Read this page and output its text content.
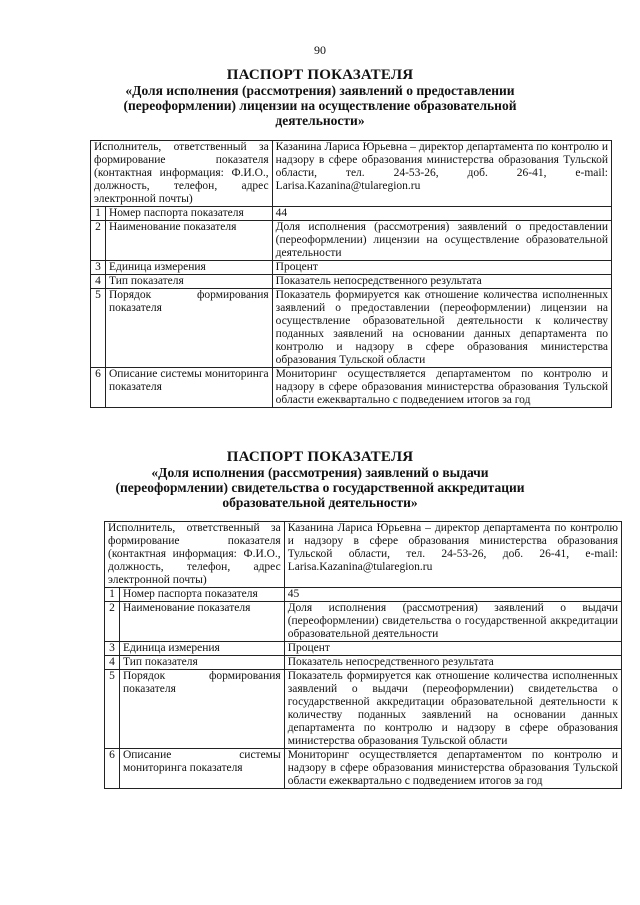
90
ПАСПОРТ ПОКАЗАТЕЛЯ
«Доля исполнения (рассмотрения) заявлений о предоставлении
(переоформлении) лицензии на осуществление образовательной
деятельности»
Исполнитель, ответственный за формирование показателя (контактная информация: Ф.И.О., должность, телефон, адрес электронной почты)		Казанина Лариса Юрьевна – директор департамента по контролю и надзору в сфере образования министерства образования Тульской области, тел. 24-53-26, доб. 26-41, e-mail: Larisa.Kazanina@tularegion.ru
1	Номер паспорта показателя	44
2	Наименование показателя	Доля исполнения (рассмотрения) заявлений о предоставлении (переоформлении) лицензии на осуществление образовательной деятельности
3	Единица измерения	Процент
4	Тип показателя	Показатель непосредственного результата
5	Порядок формирования показателя	Показатель формируется как отношение количества исполненных заявлений о предоставлении (переоформлении) лицензии на осуществление образовательной деятельности к количеству поданных заявлений на основании данных департамента по контролю и надзору в сфере образования министерства образования Тульской области
6	Описание системы мониторинга показателя	Мониторинг осуществляется департаментом по контролю и надзору в сфере образования министерства образования Тульской области ежеквартально с подведением итогов за год
ПАСПОРТ ПОКАЗАТЕЛЯ
«Доля исполнения (рассмотрения) заявлений о выдачи
(переоформлении) свидетельства о государственной аккредитации
образовательной деятельности»
Исполнитель, ответственный за формирование показателя (контактная информация: Ф.И.О., должность, телефон, адрес электронной почты)		Казанина Лариса Юрьевна – директор департамента по контролю и надзору в сфере образования министерства образования Тульской области, тел. 24-53-26, доб. 26-41, e-mail: Larisa.Kazanina@tularegion.ru
1	Номер паспорта показателя	45
2	Наименование показателя	Доля исполнения (рассмотрения) заявлений о выдачи (переоформлении) свидетельства о государственной аккредитации образовательной деятельности
3	Единица измерения	Процент
4	Тип показателя	Показатель непосредственного результата
5	Порядок формирования показателя	Показатель формируется как отношение количества исполненных заявлений о выдачи (переоформлении) свидетельства о государственной аккредитации образовательной деятельности к количеству поданных заявлений на основании данных департамента по контролю и надзору в сфере образования министерства образования Тульской области
6	Описание системы мониторинга показателя	Мониторинг осуществляется департаментом по контролю и надзору в сфере образования министерства образования Тульской области ежеквартально с подведением итогов за год
